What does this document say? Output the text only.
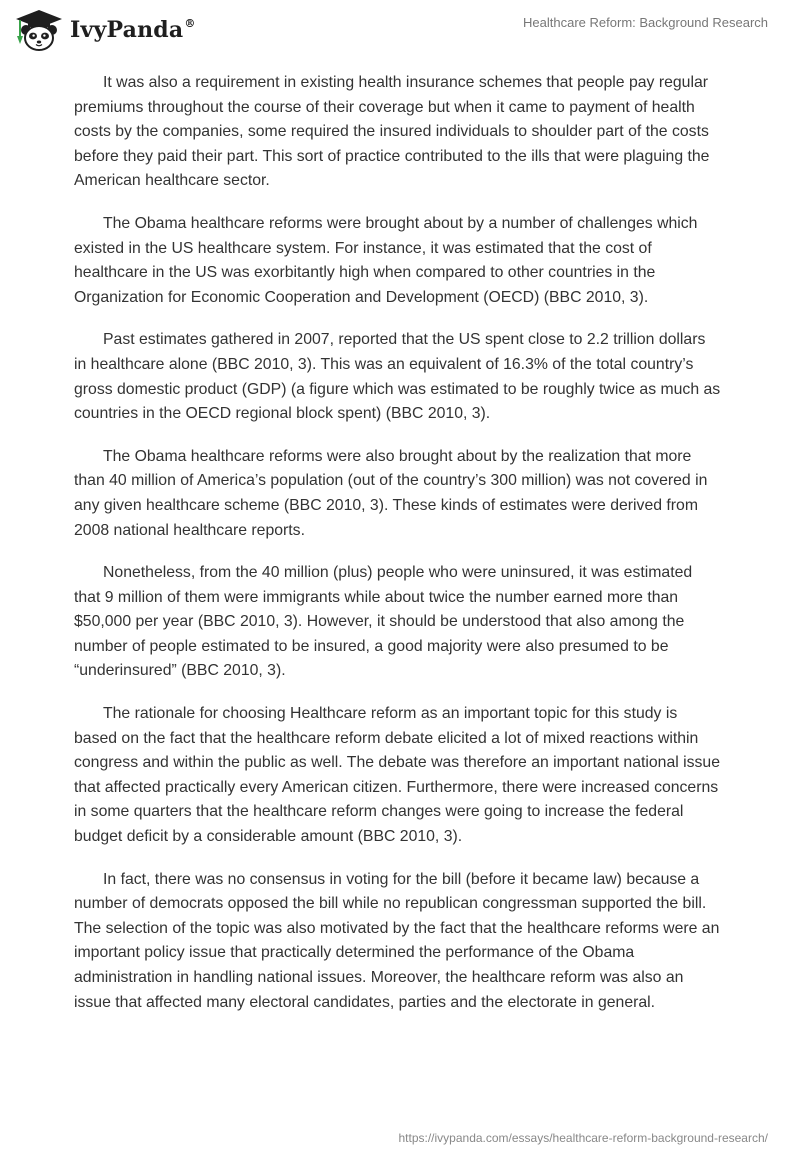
IvyPanda®	Healthcare Reform: Background Research

It was also a requirement in existing health insurance schemes that people pay regular premiums throughout the course of their coverage but when it came to payment of health costs by the companies, some required the insured individuals to shoulder part of the costs before they paid their part. This sort of practice contributed to the ills that were plaguing the American healthcare sector.

The Obama healthcare reforms were brought about by a number of challenges which existed in the US healthcare system. For instance, it was estimated that the cost of healthcare in the US was exorbitantly high when compared to other countries in the Organization for Economic Cooperation and Development (OECD) (BBC 2010, 3).

Past estimates gathered in 2007, reported that the US spent close to 2.2 trillion dollars in healthcare alone (BBC 2010, 3). This was an equivalent of 16.3% of the total country’s gross domestic product (GDP) (a figure which was estimated to be roughly twice as much as countries in the OECD regional block spent) (BBC 2010, 3).

The Obama healthcare reforms were also brought about by the realization that more than 40 million of America’s population (out of the country’s 300 million) was not covered in any given healthcare scheme (BBC 2010, 3). These kinds of estimates were derived from 2008 national healthcare reports.

Nonetheless, from the 40 million (plus) people who were uninsured, it was estimated that 9 million of them were immigrants while about twice the number earned more than $50,000 per year (BBC 2010, 3). However, it should be understood that also among the number of people estimated to be insured, a good majority were also presumed to be “underinsured” (BBC 2010, 3).

The rationale for choosing Healthcare reform as an important topic for this study is based on the fact that the healthcare reform debate elicited a lot of mixed reactions within congress and within the public as well. The debate was therefore an important national issue that affected practically every American citizen. Furthermore, there were increased concerns in some quarters that the healthcare reform changes were going to increase the federal budget deficit by a considerable amount (BBC 2010, 3).

In fact, there was no consensus in voting for the bill (before it became law) because a number of democrats opposed the bill while no republican congressman supported the bill. The selection of the topic was also motivated by the fact that the healthcare reforms were an important policy issue that practically determined the performance of the Obama administration in handling national issues. Moreover, the healthcare reform was also an issue that affected many electoral candidates, parties and the electorate in general.

https://ivypanda.com/essays/healthcare-reform-background-research/
